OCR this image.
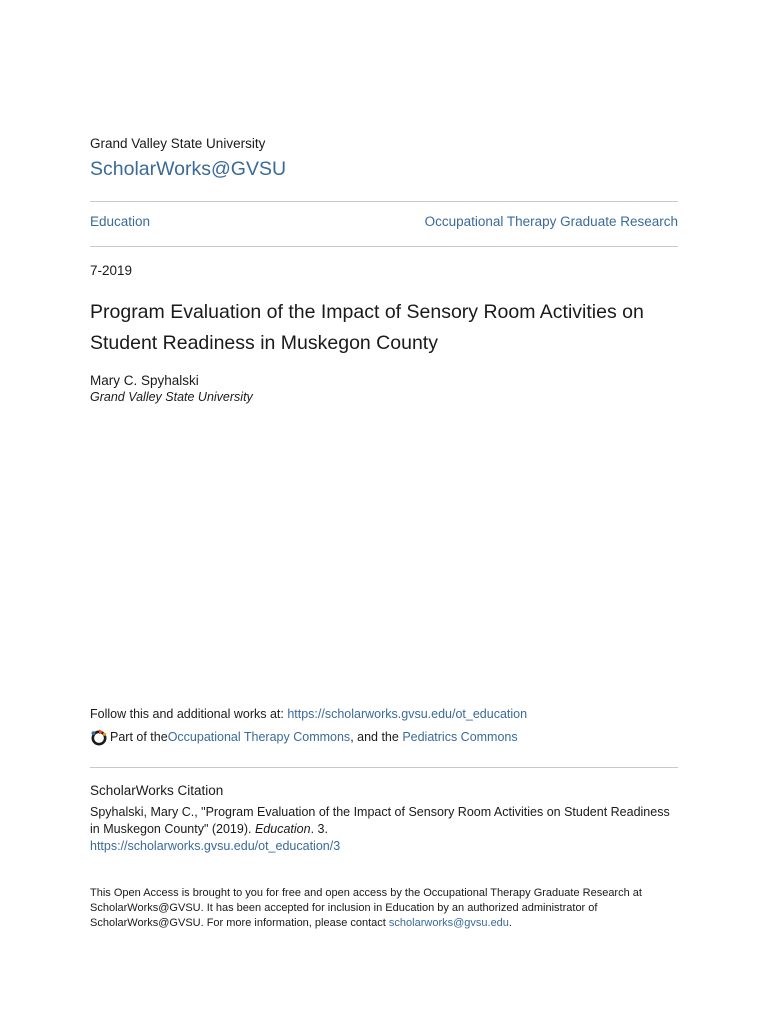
Grand Valley State University
ScholarWorks@GVSU
Education	Occupational Therapy Graduate Research
7-2019
Program Evaluation of the Impact of Sensory Room Activities on Student Readiness in Muskegon County
Mary C. Spyhalski
Grand Valley State University
Follow this and additional works at: https://scholarworks.gvsu.edu/ot_education
Part of the Occupational Therapy Commons , and the Pediatrics Commons
ScholarWorks Citation
Spyhalski, Mary C., "Program Evaluation of the Impact of Sensory Room Activities on Student Readiness in Muskegon County" (2019). Education. 3.
https://scholarworks.gvsu.edu/ot_education/3
This Open Access is brought to you for free and open access by the Occupational Therapy Graduate Research at ScholarWorks@GVSU. It has been accepted for inclusion in Education by an authorized administrator of ScholarWorks@GVSU. For more information, please contact scholarworks@gvsu.edu.
